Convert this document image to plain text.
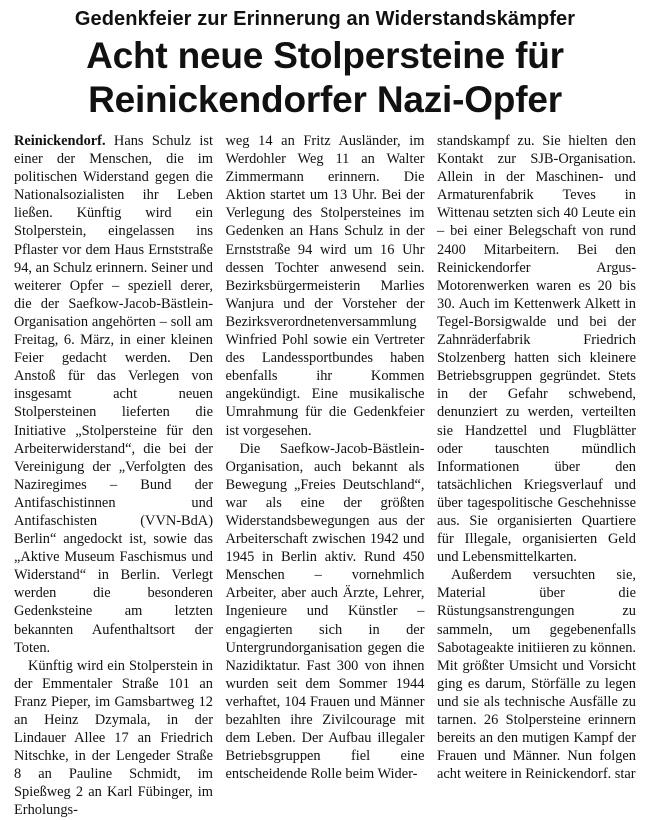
Gedenkfeier zur Erinnerung an Widerstandskämpfer
Acht neue Stolpersteine für Reinickendorfer Nazi-Opfer

Reinickendorf. Hans Schulz ist einer der Menschen, die im politischen Widerstand gegen die Nationalsozialisten ihr Leben ließen. Künftig wird ein Stolperstein, eingelassen ins Pflaster vor dem Haus Ernststraße 94, an Schulz erinnern. Seiner und weiterer Opfer – speziell derer, die der Saefkow-Jacob-Bästlein-Organisation angehörten – soll am Freitag, 6. März, in einer kleinen Feier gedacht werden. Den Anstoß für das Verlegen von insgesamt acht neuen Stolpersteinen lieferten die Initiative „Stolpersteine für den Arbeiterwiderstand“, die bei der Vereinigung der „Verfolgten des Naziregimes – Bund der Antifaschistinnen und Antifaschisten (VVN-BdA) Berlin“ angedockt ist, sowie das „Aktive Museum Faschismus und Widerstand“ in Berlin. Verlegt werden die besonderen Gedenksteine am letzten bekannten Aufenthaltsort der Toten.

Künftig wird ein Stolperstein in der Emmentaler Straße 101 an Franz Pieper, im Gamsbartweg 12 an Heinz Dzymala, in der Lindauer Allee 17 an Friedrich Nitschke, in der Lengeder Straße 8 an Pauline Schmidt, im Spießweg 2 an Karl Fübinger, im Erholungs-

weg 14 an Fritz Ausländer, im Werdohler Weg 11 an Walter Zimmermann erinnern. Die Aktion startet um 13 Uhr. Bei der Verlegung des Stolpersteines im Gedenken an Hans Schulz in der Ernststraße 94 wird um 16 Uhr dessen Tochter anwesend sein. Bezirksbürgermeisterin Marlies Wanjura und der Vorsteher der Bezirksverordnetenversammlung Winfried Pohl sowie ein Vertreter des Landessportbundes haben ebenfalls ihr Kommen angekündigt. Eine musikalische Umrahmung für die Gedenkfeier ist vorgesehen.

Die Saefkow-Jacob-Bästlein-Organisation, auch bekannt als Bewegung „Freies Deutschland“, war als eine der größten Widerstandsbewegungen aus der Arbeiterschaft zwischen 1942 und 1945 in Berlin aktiv. Rund 450 Menschen – vornehmlich Arbeiter, aber auch Ärzte, Lehrer, Ingenieure und Künstler – engagierten sich in der Untergrundorganisation gegen die Nazidiktatur. Fast 300 von ihnen wurden seit dem Sommer 1944 verhaftet, 104 Frauen und Männer bezahlten ihre Zivilcourage mit dem Leben. Der Aufbau illegaler Betriebsgruppen fiel eine entscheidende Rolle beim Wider-

standskampf zu. Sie hielten den Kontakt zur SJB-Organisation. Allein in der Maschinen- und Armaturenfabrik Teves in Wittenau setzten sich 40 Leute ein – bei einer Belegschaft von rund 2400 Mitarbeitern. Bei den Reinickendorfer Argus-Motorenwerken waren es 20 bis 30. Auch im Kettenwerk Alkett in Tegel-Borsigwalde und bei der Zahnräderfabrik Friedrich Stolzenberg hatten sich kleinere Betriebsgruppen gegründet. Stets in der Gefahr schwebend, denunziert zu werden, verteilten sie Handzettel und Flugblätter oder tauschten mündlich Informationen über den tatsächlichen Kriegsverlauf und über tagespolitische Geschehnisse aus. Sie organisierten Quartiere für Illegale, organisierten Geld und Lebensmittelkarten.

Außerdem versuchten sie, Material über die Rüstungsanstrengungen zu sammeln, um gegebenenfalls Sabotageakte initiieren zu können. Mit größter Umsicht und Vorsicht ging es darum, Störfälle zu legen und sie als technische Ausfälle zu tarnen. 26 Stolpersteine erinnern bereits an den mutigen Kampf der Frauen und Männer. Nun folgen acht weitere in Reinickendorf. star
